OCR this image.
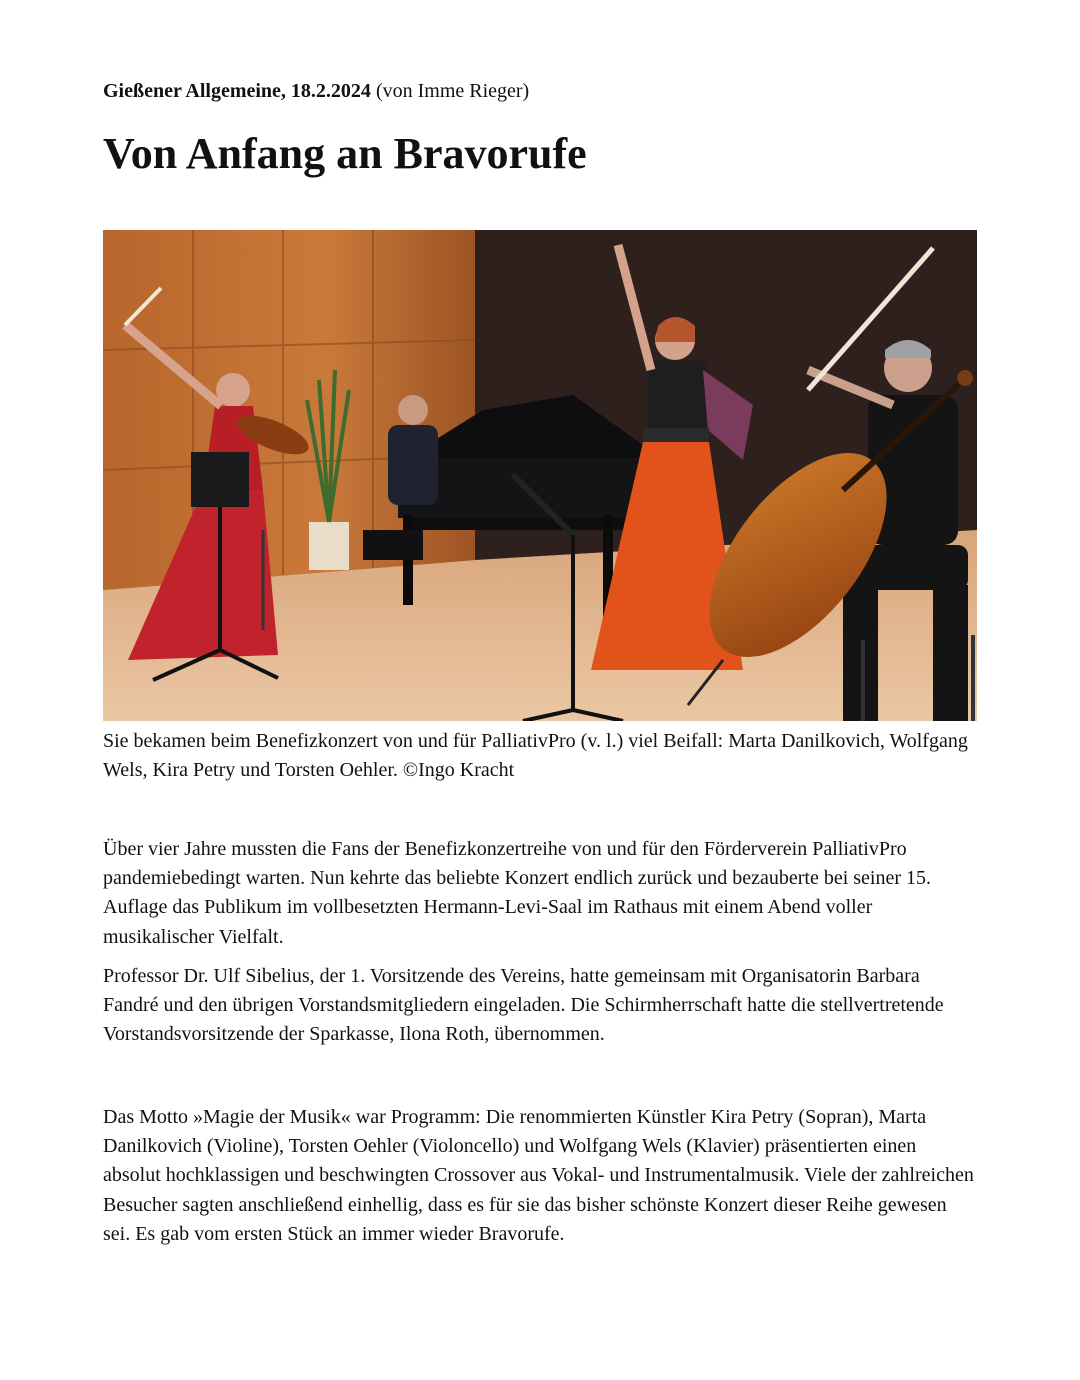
Gießener Allgemeine, 18.2.2024 (von Imme Rieger)
Von Anfang an Bravorufe
Sie bekamen beim Benefizkonzert von und für PalliativPro (v. l.) viel Beifall: Marta Danilkovich, Wolfgang Wels, Kira Petry und Torsten Oehler. ©Ingo Kracht

Über vier Jahre mussten die Fans der Benefizkonzertreihe von und für den Förderverein PalliativPro pandemiebedingt warten. Nun kehrte das beliebte Konzert endlich zurück und bezauberte bei seiner 15. Auflage das Publikum im vollbesetzten Hermann-Levi-Saal im Rathaus mit einem Abend voller musikalischer Vielfalt.

Professor Dr. Ulf Sibelius, der 1. Vorsitzende des Vereins, hatte gemeinsam mit Organisatorin Barbara Fandré und den übrigen Vorstandsmitgliedern eingeladen. Die Schirmherrschaft hatte die stellvertretende Vorstandsvorsitzende der Sparkasse, Ilona Roth, übernommen.

Das Motto »Magie der Musik« war Programm: Die renommierten Künstler Kira Petry (Sopran), Marta Danilkovich (Violine), Torsten Oehler (Violoncello) und Wolfgang Wels (Klavier) präsentierten einen absolut hochklassigen und beschwingten Crossover aus Vokal- und Instrumentalmusik. Viele der zahlreichen Besucher sagten anschließend einhellig, dass es für sie das bisher schönste Konzert dieser Reihe gewesen sei. Es gab vom ersten Stück an immer wieder Bravorufe.
